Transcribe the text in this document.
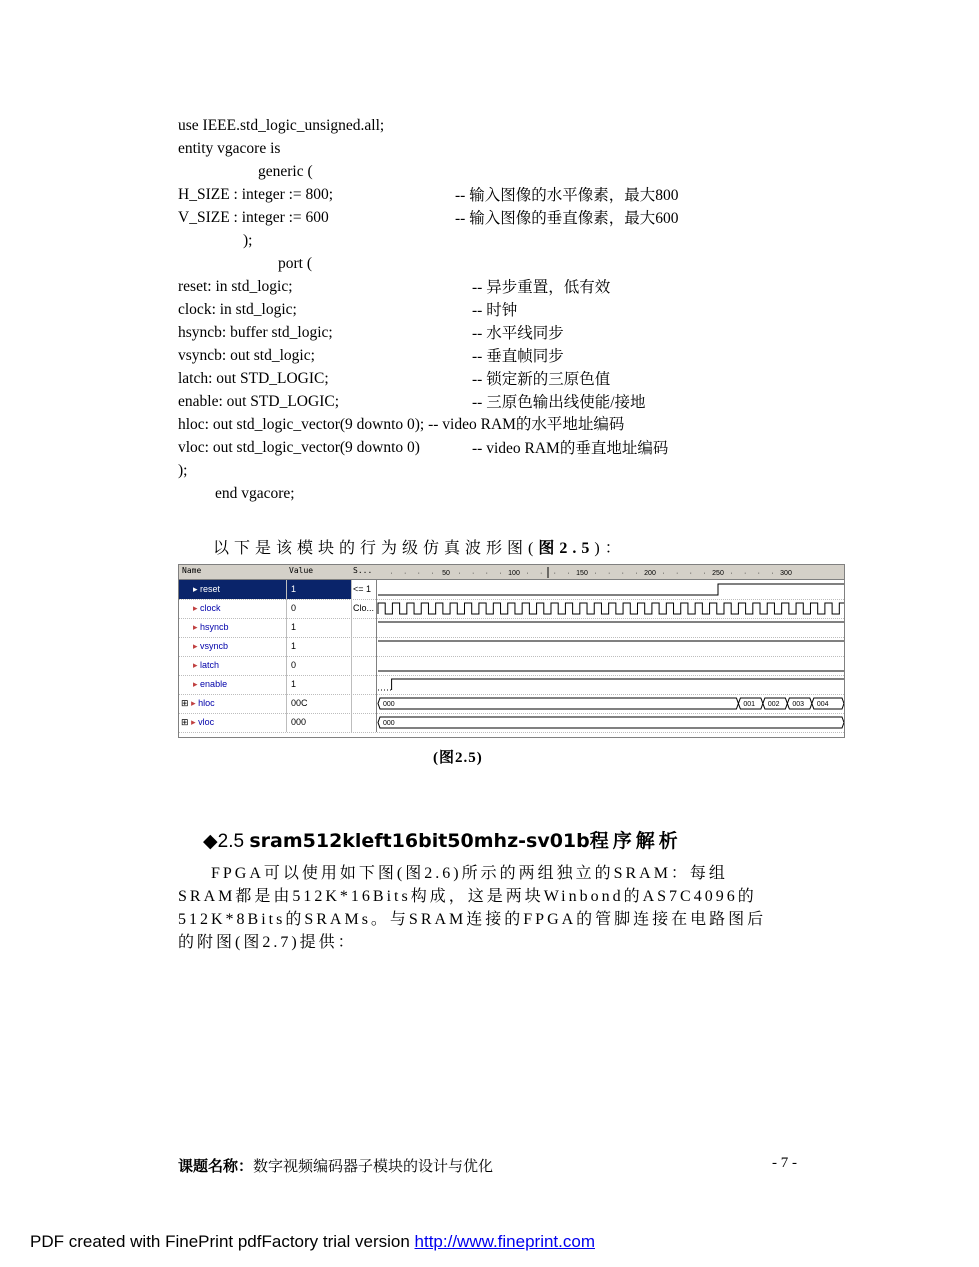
use IEEE.std_logic_unsigned.all;
entity vgacore is
generic (
H_SIZE : integer := 800;	-- 输入图像的水平像素，最大800
V_SIZE : integer := 600	-- 输入图像的垂直像素，最大600
);
port (
reset: in std_logic;	-- 异步重置，低有效
clock: in std_logic;	-- 时钟
hsyncb: buffer std_logic;	-- 水平线同步
vsyncb: out std_logic;	-- 垂直帧同步
latch: out STD_LOGIC;	-- 锁定新的三原色值
enable: out STD_LOGIC;	-- 三原色输出线使能/接地
hloc: out std_logic_vector(9 downto 0); -- video RAM的水平地址编码
vloc: out std_logic_vector(9 downto 0)	-- video RAM的垂直地址编码
);
end vgacore;
以下是该模块的行为级仿真波形图(图2.5)：
Name	Value	S...
▸ reset	1	<= 1
▸ clock	0	Clo...
▸ hsyncb	1
▸ vsyncb	1
▸ latch	0
▸ enable	1
⊞ ▸ hloc	00C
⊞ ▸ vloc	000
50
·
·
·
·	100
·
·
·
·	150
·
·
·
·	200
·
·
·
·	250
·
·
·
·	300
·
·
·
·
000	001 002 003 004
000
(图2.5)
◆2.5 sram512kleft16bit50mhz-sv01b程序解析
FPGA可以使用如下图(图2.6)所示的两组独立的SRAM：每组
SRAM都是由512K*16Bits构成，这是两块Winbond的AS7C4096的
512K*8Bits的SRAMs。与SRAM连接的FPGA的管脚连接在电路图后
的附图(图2.7)提供：
课题名称：数字视频编码器子模块的设计与优化	- 7 -
PDF created with FinePrint pdfFactory trial version http://www.fineprint.com
